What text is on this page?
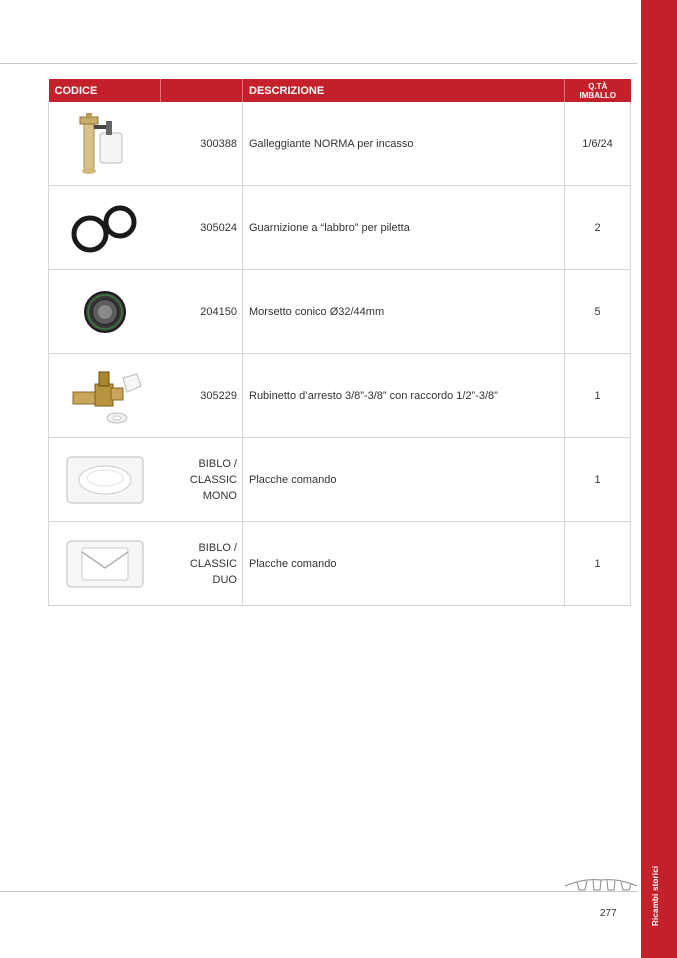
CODICE		DESCRIZIONE	Q.TÀ
IMBALLO

	300388	Galleggiante NORMA per incasso	1/6/24
	305024	Guarnizione a “labbro” per piletta	2
	204150	Morsetto conico Ø32/44mm	5
	305229	Rubinetto d’arresto 3/8”-3/8” con raccordo 1/2”-3/8”	1
	BIBLO / CLASSIC MONO	Placche comando	1
	BIBLO / CLASSIC DUO	Placche comando	1
277	Ricambi storici
